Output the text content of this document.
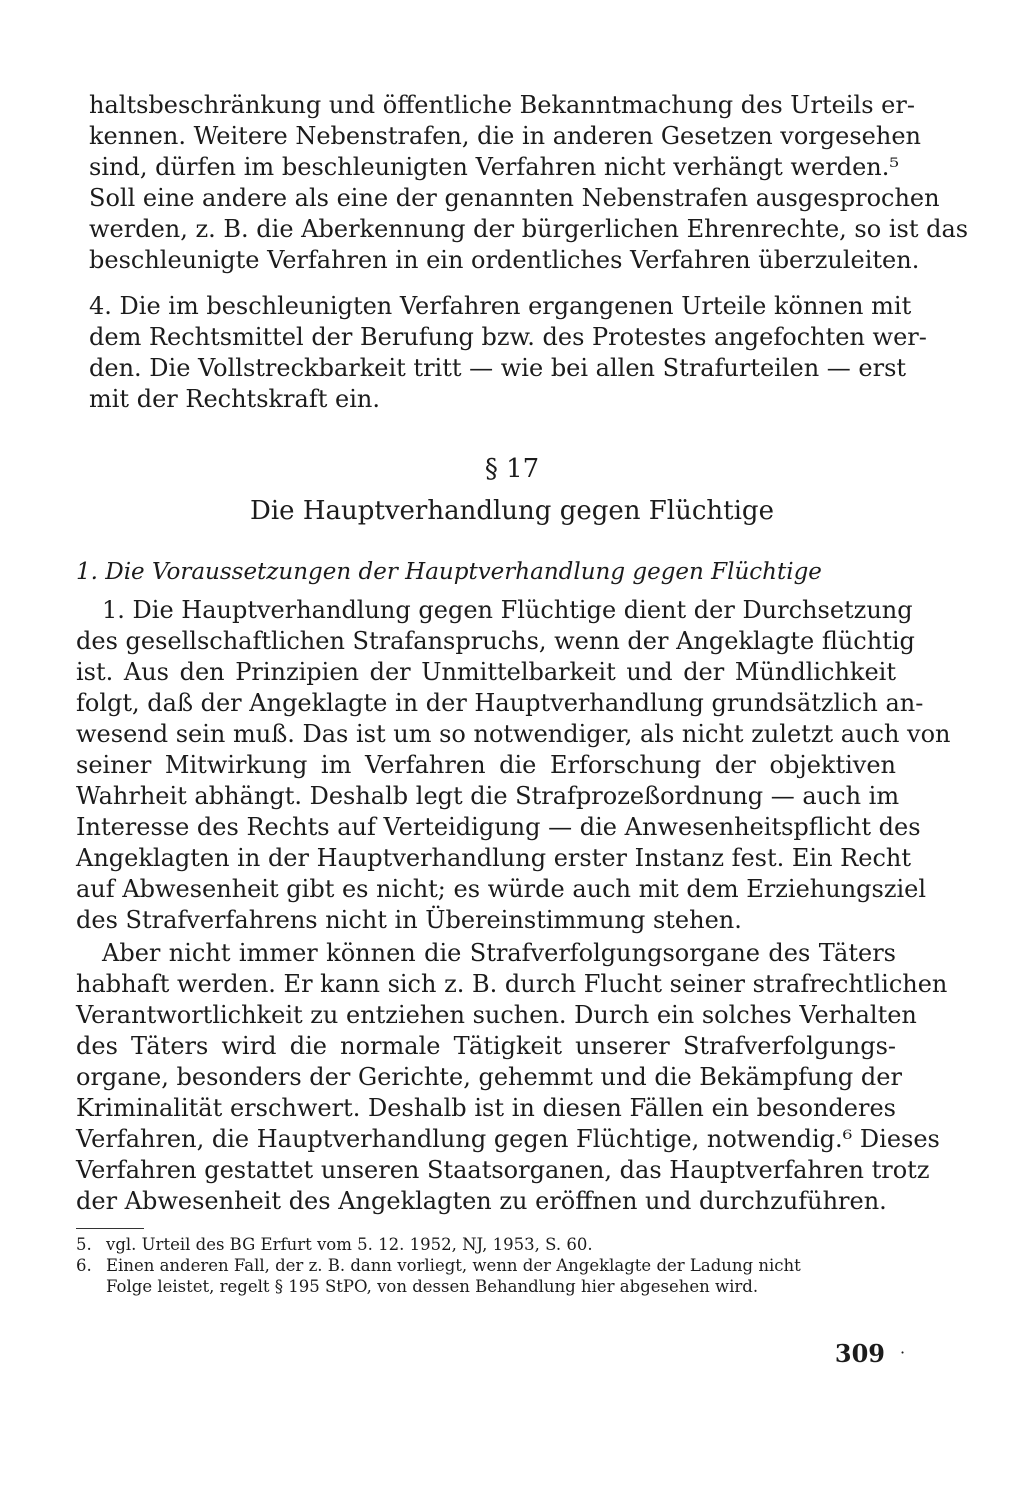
haltsbeschränkung und öffentliche Bekanntmachung des Urteils er-
kennen. Weitere Nebenstrafen, die in anderen Gesetzen vorgesehen
sind, dürfen im beschleunigten Verfahren nicht verhängt werden.⁵
Soll eine andere als eine der genannten Nebenstrafen ausgesprochen
werden, z. B. die Aberkennung der bürgerlichen Ehrenrechte, so ist das
beschleunigte Verfahren in ein ordentliches Verfahren überzuleiten.
4. Die im beschleunigten Verfahren ergangenen Urteile können mit
dem Rechtsmittel der Berufung bzw. des Protestes angefochten wer-
den. Die Vollstreckbarkeit tritt — wie bei allen Strafurteilen — erst
mit der Rechtskraft ein.
§ 17
Die Hauptverhandlung gegen Flüchtige
1. Die Voraussetzungen der Hauptverhandlung gegen Flüchtige
1. Die Hauptverhandlung gegen Flüchtige dient der Durchsetzung
des gesellschaftlichen Strafanspruchs, wenn der Angeklagte flüchtig
ist. Aus den Prinzipien der Unmittelbarkeit und der Mündlichkeit
folgt, daß der Angeklagte in der Hauptverhandlung grundsätzlich an-
wesend sein muß. Das ist um so notwendiger, als nicht zuletzt auch von
seiner Mitwirkung im Verfahren die Erforschung der objektiven
Wahrheit abhängt. Deshalb legt die Strafprozeßordnung — auch im
Interesse des Rechts auf Verteidigung — die Anwesenheitspflicht des
Angeklagten in der Hauptverhandlung erster Instanz fest. Ein Recht
auf Abwesenheit gibt es nicht; es würde auch mit dem Erziehungsziel
des Strafverfahrens nicht in Übereinstimmung stehen.
Aber nicht immer können die Strafverfolgungsorgane des Täters
habhaft werden. Er kann sich z. B. durch Flucht seiner strafrechtlichen
Verantwortlichkeit zu entziehen suchen. Durch ein solches Verhalten
des Täters wird die normale Tätigkeit unserer Strafverfolgungs-
organe, besonders der Gerichte, gehemmt und die Bekämpfung der
Kriminalität erschwert. Deshalb ist in diesen Fällen ein besonderes
Verfahren, die Hauptverhandlung gegen Flüchtige, notwendig.⁶ Dieses
Verfahren gestattet unseren Staatsorganen, das Hauptverfahren trotz
der Abwesenheit des Angeklagten zu eröffnen und durchzuführen.
5. vgl. Urteil des BG Erfurt vom 5. 12. 1952, NJ, 1953, S. 60.
6. Einen anderen Fall, der z. B. dann vorliegt, wenn der Angeklagte der Ladung nicht
Folge leistet, regelt § 195 StPO, von dessen Behandlung hier abgesehen wird.
309 ·
